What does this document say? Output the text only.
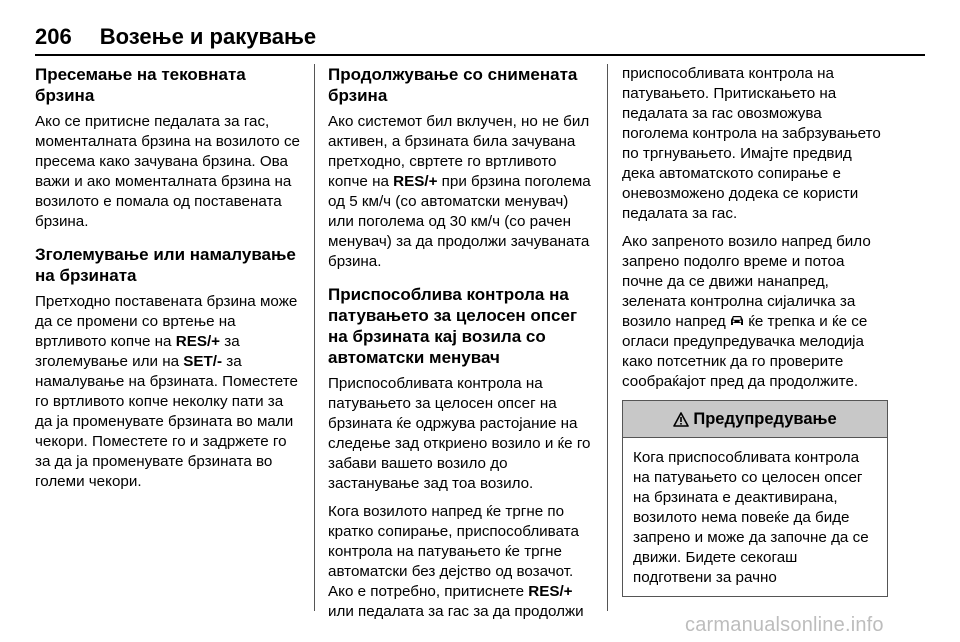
206 Возење и ракување
Пресемање на тековната брзина

Ако се притисне педалата за гас, моменталната брзина на возилото се пресема како зачувана брзина. Ова важи и ако моменталната брзина на возилото е помала од поставената брзина.

Зголемување или намалување на брзината

Претходно поставената брзина може да се промени со вртење на вртливото копче на RES/+ за зголемување или на SET/- за намалување на брзината. Поместете го вртливото копче неколку пати за да ја променувате брзината во мали чекори. Поместете го и задржете го за да ја променувате брзината во големи чекори.

Продолжување со снимената брзина

Ако системот бил вклучен, но не бил активен, а брзината била зачувана претходно, свртете го вртливото копче на RES/+ при брзина поголема од 5 км/ч (со автоматски менувач) или поголема од 30 км/ч (со рачен менувач) за да продолжи зачуваната брзина.

Приспособлива контрола на патувањето за целосен опсег на брзината кај возила со автоматски менувач

Приспособливата контрола на патувањето за целосен опсег на брзината ќе одржува растојание на следење зад откриено возило и ќе го забави вашето возило до застанување зад тоа возило.

Кога возилото напред ќе тргне по кратко сопирање, приспособливата контрола на патувањето ќе тргне автоматски без дејство од возачот. Ако е потребно, притиснете RES/+ или педалата за гас за да продолжи

приспособливата контрола на патувањето. Притискањето на педалата за гас овозможува поголема контрола на забрзувањето по тргнувањето. Имајте предвид дека автоматското сопирање е оневозможено додека се користи педалата за гас.

Ако запреното возило напред било запрено подолго време и потоа почне да се движи нанапред, зелената контролна сијаличка за возило напред  ќе трепка и ќе се огласи предупредувачка мелодија како потсетник да го проверите сообраќајот пред да продолжите.

Предупредување

Кога приспособливата контрола на патувањето со целосен опсег на брзината е деактивирана, возилото нема повеќе да биде запрено и може да започне да се движи. Бидете секогаш подготвени за рачно

carmanualsonline.info
